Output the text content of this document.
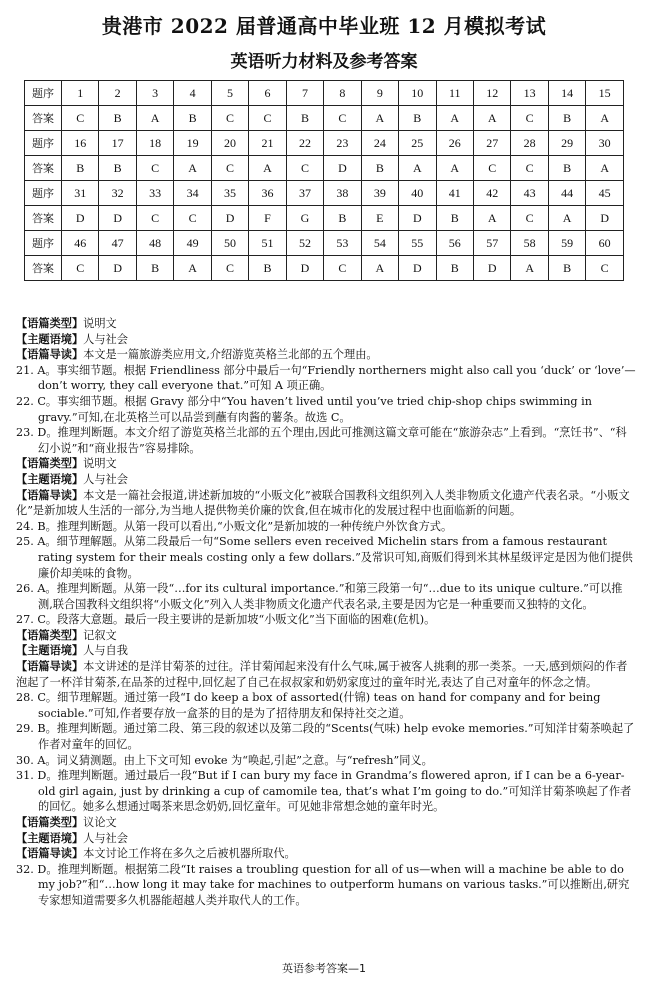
贵港市 2022 届普通高中毕业班 12 月模拟考试
英语听力材料及参考答案
题序	1	2	3	4	5	6	7	8	9	10	11	12	13	14	15
答案	C	B	A	B	C	C	B	C	A	B	A	A	C	B	A
题序	16	17	18	19	20	21	22	23	24	25	26	27	28	29	30
答案	B	B	C	A	C	A	C	D	B	A	A	C	C	B	A
题序	31	32	33	34	35	36	37	38	39	40	41	42	43	44	45
答案	D	D	C	C	D	F	G	B	E	D	B	A	C	A	D
题序	46	47	48	49	50	51	52	53	54	55	56	57	58	59	60
答案	C	D	B	A	C	B	D	C	A	D	B	D	A	B	C

【语篇类型】说明文

【主题语境】人与社会

【语篇导读】本文是一篇旅游类应用文,介绍游览英格兰北部的五个理由。

21. A。事实细节题。根据 Friendliness 部分中最后一句“Friendly northerners might also call you ‘duck’ or ‘love’—don’t worry, they call everyone that.”可知 A 项正确。

22. C。事实细节题。根据 Gravy 部分中“You haven’t lived until you’ve tried chip-shop chips swimming in gravy.”可知,在北英格兰可以品尝到蘸有肉酱的薯条。故选 C。

23. D。推理判断题。本文介绍了游览英格兰北部的五个理由,因此可推测这篇文章可能在“旅游杂志”上看到。“烹饪书”、“科幻小说”和“商业报告”容易排除。

【语篇类型】说明文

【主题语境】人与社会

【语篇导读】本文是一篇社会报道,讲述新加坡的“小贩文化”被联合国教科文组织列入人类非物质文化遗产代表名录。“小贩文化”是新加坡人生活的一部分,为当地人提供物美价廉的饮食,但在城市化的发展过程中也面临新的问题。

24. B。推理判断题。从第一段可以看出,“小贩文化”是新加坡的一种传统户外饮食方式。

25. A。细节理解题。从第二段最后一句“Some sellers even received Michelin stars from a famous restaurant rating system for their meals costing only a few dollars.”及常识可知,商贩们得到米其林星级评定是因为他们提供廉价却美味的食物。

26. A。推理判断题。从第一段“…for its cultural importance.”和第三段第一句“…due to its unique culture.”可以推测,联合国教科文组织将“小贩文化”列入人类非物质文化遗产代表名录,主要是因为它是一种重要而又独特的文化。

27. C。段落大意题。最后一段主要讲的是新加坡“小贩文化”当下面临的困难(危机)。

【语篇类型】记叙文

【主题语境】人与自我

【语篇导读】本文讲述的是洋甘菊茶的过往。洋甘菊闻起来没有什么气味,属于被客人挑剩的那一类茶。一天,感到烦闷的作者泡起了一杯洋甘菊茶,在品茶的过程中,回忆起了自己在叔叔家和奶奶家度过的童年时光,表达了自己对童年的怀念之情。

28. C。细节理解题。通过第一段“I do keep a box of assorted(什锦) teas on hand for company and for being sociable.”可知,作者要存放一盒茶的目的是为了招待朋友和保持社交之道。

29. B。推理判断题。通过第二段、第三段的叙述以及第二段的“Scents(气味) help evoke memories.”可知洋甘菊茶唤起了作者对童年的回忆。

30. A。词义猜测题。由上下文可知 evoke 为“唤起,引起”之意。与“refresh”同义。

31. D。推理判断题。通过最后一段“But if I can bury my face in Grandma’s flowered apron, if I can be a 6-year-old girl again, just by drinking a cup of camomile tea, that’s what I’m going to do.”可知洋甘菊茶唤起了作者的回忆。她多么想通过喝茶来思念奶奶,回忆童年。可见她非常想念她的童年时光。

【语篇类型】议论文

【主题语境】人与社会

【语篇导读】本文讨论工作将在多久之后被机器所取代。

32. D。推理判断题。根据第二段“It raises a troubling question for all of us—when will a machine be able to do my job?”和“…how long it may take for machines to outperform humans on various tasks.”可以推断出,研究专家想知道需要多久机器能超越人类并取代人的工作。

英语参考答案—1
